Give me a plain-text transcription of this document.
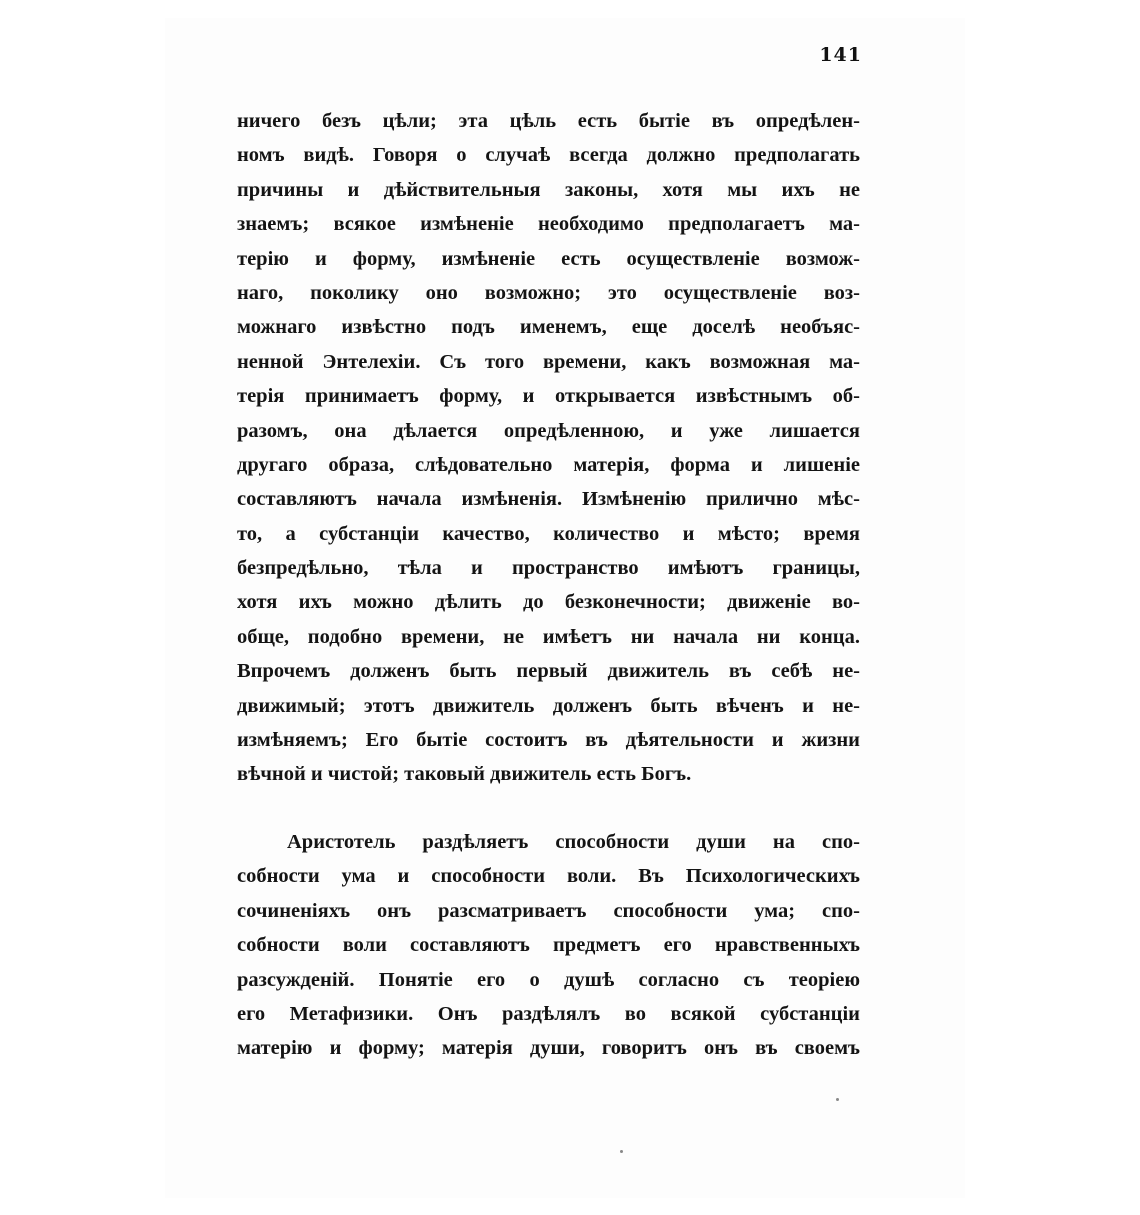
141
ничего безъ цѣли; эта цѣль есть бытіе въ опредѣлен-
номъ видѣ. Говоря о случаѣ всегда должно предполагать
причины и дѣйствительныя законы, хотя мы ихъ не
знаемъ; всякое измѣненіе необходимо предполагаетъ ма-
терію и форму, измѣненіе есть осуществленіе возмож-
наго, поколику оно возможно; это осуществленіе воз-
можнаго извѣстно подъ именемъ, еще доселѣ необъяс-
ненной Энтелехіи. Съ того времени, какъ возможная ма-
терія принимаетъ форму, и открывается извѣстнымъ об-
разомъ, она дѣлается опредѣленною, и уже лишается
другаго образа, слѣдовательно матерія, форма и лишеніе
составляютъ начала измѣненія. Измѣненію прилично мѣс-
то, а субстанціи качество, количество и мѣсто; время
безпредѣльно, тѣла и пространство имѣютъ границы,
хотя ихъ можно дѣлить до безконечности; движеніе во-
обще, подобно времени, не имѣетъ ни начала ни конца.
Впрочемъ долженъ быть первый движитель въ себѣ не-
движимый; этотъ движитель долженъ быть вѣченъ и не-
измѣняемъ; Его бытіе состоитъ въ дѣятельности и жизни
вѣчной и чистой; таковый движитель есть Богъ.
Аристотель раздѣляетъ способности души на спо-
собности ума и способности воли. Въ Психологическихъ
сочиненіяхъ онъ разсматриваетъ способности ума; спо-
собности воли составляютъ предметъ его нравственныхъ
разсужденій. Понятіе его о душѣ согласно съ теоріею
его Метафизики. Онъ раздѣлялъ во всякой субстанціи
матерію и форму; матерія души, говоритъ онъ въ своемъ
